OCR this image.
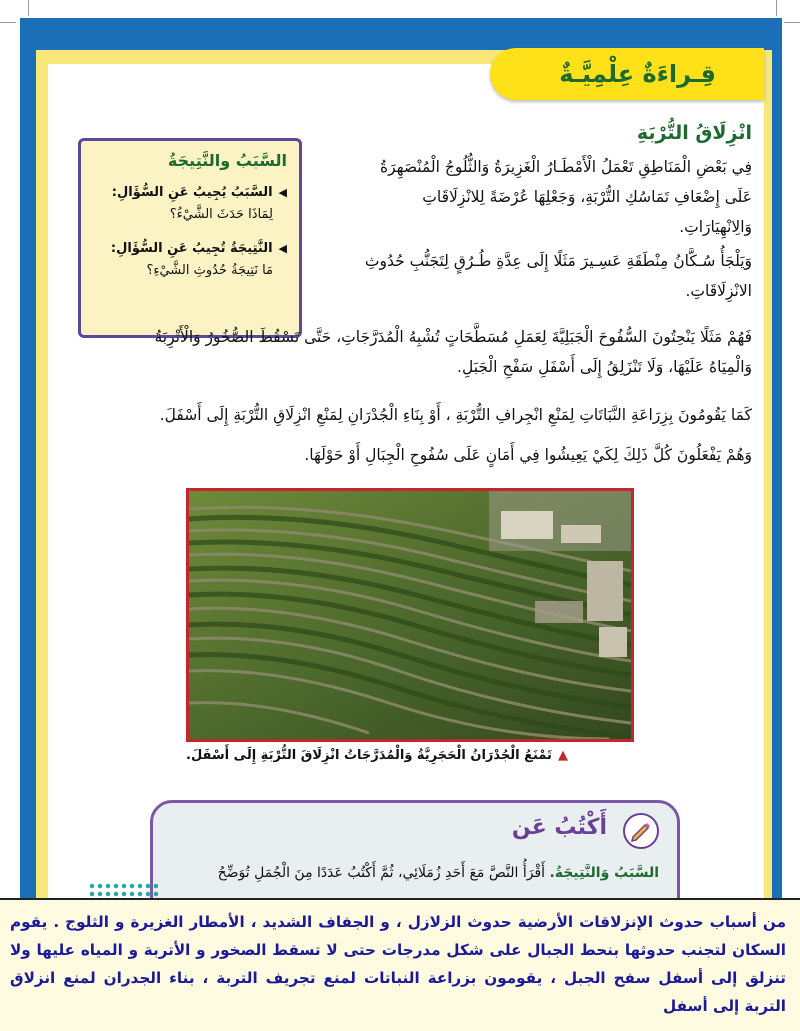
قِـراءَةٌ عِلْمِيَّـةٌ
انْزِلَاقُ التُّرْبَةِ
السَّبَبُ والنَّتِيجَةُ
◀السَّبَبُ يُجِيبُ عَنِ السُّؤَالِ:
لِمَاذَا حَدَثَ الشَّيْءُ؟
◀النَّتِيجَةُ تُجِيبُ عَنِ السُّؤَالِ:
مَا نَتِيجَةُ حُدُوثِ الشَّيْءِ؟
فِي بَعْضِ الْمَنَاطِقِ تَعْمَلُ الْأَمْطَـارُ الْغَزِيرَةُ وَالثُّلُوجُ الْمُنْصَهِرَةُ عَلَى إِضْعَافِ تَمَاسُكِ التُّرْبَةِ، وَجَعْلِهَا عُرْضَةً لِلانْزِلَاقَاتِ وَالِانْهِيَارَاتِ.
وَيَلْجَأُ سُـكَّانُ مِنْطَقَةِ عَسِـيرَ مَثَلًا إِلَى عِدَّةِ طُـرُقٍ لِتَجَنُّبِ حُدُوثِ الانْزِلَاقَاتِ.
فَهُمْ مَثَلًا يَنْحِتُونَ السُّفُوحَ الْجَبَلِيَّةَ لِعَمَلِ مُسَطَّحَاتٍ تُشْبِهُ الْمُدَرَّجَاتِ، حَتَّى تَسْقُطَ الصُّخُورُ وَالْأَتْرِبَةُ وَالْمِيَاهُ عَلَيْهَا، وَلَا تَنْزَلِقُ إِلَى أَسْفَلِ سَفْحِ الْجَبَلِ.
كَمَا يَقُومُونَ بِزِرَاعَةِ النَّبَاتَاتِ لِمَنْعِ انْجِرافِ التُّرْبَةِ ، أَوْ بِنَاءِ الْجُدْرَانِ لِمَنْعِ انْزِلَاقِ التُّرْبَةِ إِلَى أَسْفَلَ.
وَهُمْ يَفْعَلُونَ كُلَّ ذَلِكَ لِكَيْ يَعِيشُوا فِي أَمَانٍ عَلَى سُفُوحِ الْجِبَالِ أَوْ حَوْلَهَا.
▲تَمْنَعُ الْجُدْرَانُ الْحَجَرِيَّةُ وَالْمُدَرَّجَاتُ انْزِلَاقَ التُّرْبَةِ إِلَى أَسْفَلَ.
أَكْتُبُ عَن
السَّبَبُ وَالنَّتِيجَةُ. أَقْرَأُ النَّصَّ مَعَ أَحَدِ زُمَلَائِي، ثُمَّ أَكْتُبُ عَدَدًا مِنَ الْجُمَلِ تُوَضِّحُ
من أسباب حدوث الإنزلاقات الأرضية حدوث الزلازل ، و الجفاف الشديد ، الأمطار الغزيرة و الثلوج . يقوم السكان لتجنب حدوثها بنحط الجبال على شكل مدرجات حتى لا تسقط الصخور و الأتربة و المياه عليها ولا تنزلق إلى أسفل سفح الجبل ، يقومون بزراعة النباتات لمنع تجريف التربة ، بناء الجدران لمنع انزلاق التربة إلى أسفل
